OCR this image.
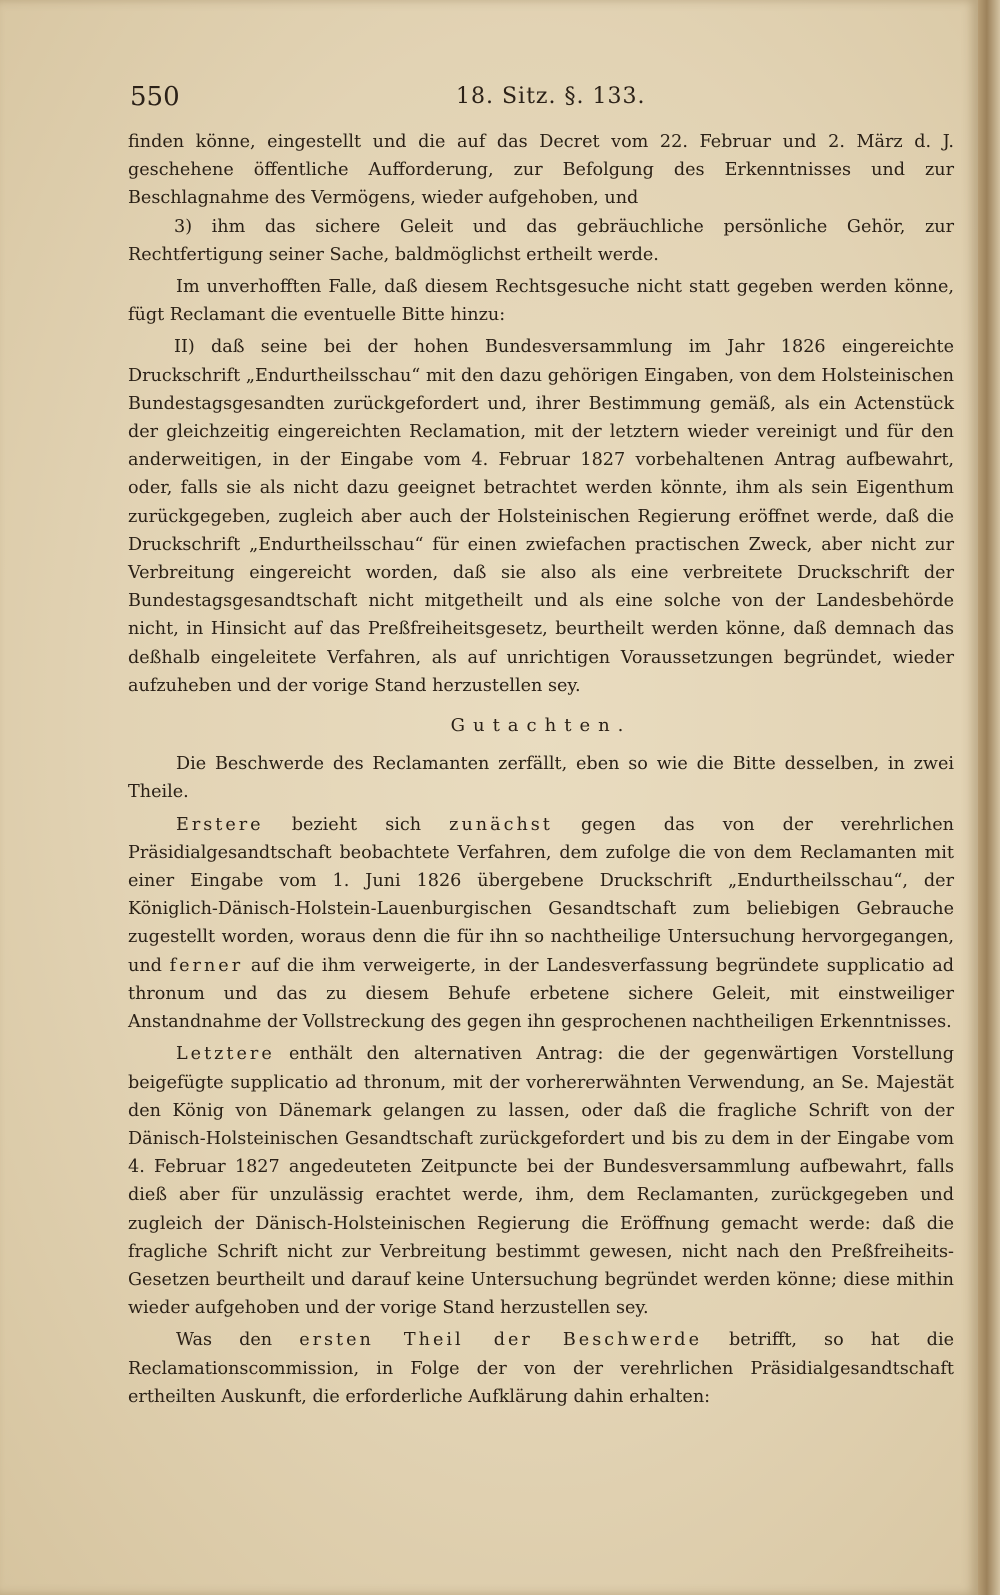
550	18. Sitz. §. 133.

finden könne, eingestellt und die auf das Decret vom 22. Februar und 2. März d. J. geschehene öffentliche Aufforderung, zur Befolgung des Erkenntnisses und zur Beschlagnahme des Vermögens, wieder aufgehoben, und

3) ihm das sichere Geleit und das gebräuchliche persönliche Gehör, zur Rechtfertigung seiner Sache, baldmöglichst ertheilt werde.

Im unverhofften Falle, daß diesem Rechtsgesuche nicht statt gegeben werden könne, fügt Reclamant die eventuelle Bitte hinzu:

II) daß seine bei der hohen Bundesversammlung im Jahr 1826 eingereichte Druckschrift „Endurtheilsschau“ mit den dazu gehörigen Eingaben, von dem Holsteinischen Bundestagsgesandten zurückgefordert und, ihrer Bestimmung gemäß, als ein Actenstück der gleichzeitig eingereichten Reclamation, mit der letztern wieder vereinigt und für den anderweitigen, in der Eingabe vom 4. Februar 1827 vorbehaltenen Antrag aufbewahrt, oder, falls sie als nicht dazu geeignet betrachtet werden könnte, ihm als sein Eigenthum zurückgegeben, zugleich aber auch der Holsteinischen Regierung eröffnet werde, daß die Druckschrift „Endurtheilsschau“ für einen zwiefachen practischen Zweck, aber nicht zur Verbreitung eingereicht worden, daß sie also als eine verbreitete Druckschrift der Bundestagsgesandtschaft nicht mitgetheilt und als eine solche von der Landesbehörde nicht, in Hinsicht auf das Preßfreiheitsgesetz, beurtheilt werden könne, daß demnach das deßhalb eingeleitete Verfahren, als auf unrichtigen Voraussetzungen begründet, wieder aufzuheben und der vorige Stand herzustellen sey.

Gutachten.

Die Beschwerde des Reclamanten zerfällt, eben so wie die Bitte desselben, in zwei Theile.

Erstere bezieht sich zunächst gegen das von der verehrlichen Präsidialgesandtschaft beobachtete Verfahren, dem zufolge die von dem Reclamanten mit einer Eingabe vom 1. Juni 1826 übergebene Druckschrift „Endurtheilsschau“, der Königlich-Dänisch-Holstein-Lauenburgischen Gesandtschaft zum beliebigen Gebrauche zugestellt worden, woraus denn die für ihn so nachtheilige Untersuchung hervorgegangen, und ferner auf die ihm verweigerte, in der Landesverfassung begründete supplicatio ad thronum und das zu diesem Behufe erbetene sichere Geleit, mit einstweiliger Anstandnahme der Vollstreckung des gegen ihn gesprochenen nachtheiligen Erkenntnisses.

Letztere enthält den alternativen Antrag: die der gegenwärtigen Vorstellung beigefügte supplicatio ad thronum, mit der vorhererwähnten Verwendung, an Se. Majestät den König von Dänemark gelangen zu lassen, oder daß die fragliche Schrift von der Dänisch-Holsteinischen Gesandtschaft zurückgefordert und bis zu dem in der Eingabe vom 4. Februar 1827 angedeuteten Zeitpuncte bei der Bundesversammlung aufbewahrt, falls dieß aber für unzulässig erachtet werde, ihm, dem Reclamanten, zurückgegeben und zugleich der Dänisch-Holsteinischen Regierung die Eröffnung gemacht werde: daß die fragliche Schrift nicht zur Verbreitung bestimmt gewesen, nicht nach den Preßfreiheits-Gesetzen beurtheilt und darauf keine Untersuchung begründet werden könne; diese mithin wieder aufgehoben und der vorige Stand herzustellen sey.

Was den ersten Theil der Beschwerde betrifft, so hat die Reclamationscommission, in Folge der von der verehrlichen Präsidialgesandtschaft ertheilten Auskunft, die erforderliche Aufklärung dahin erhalten:
